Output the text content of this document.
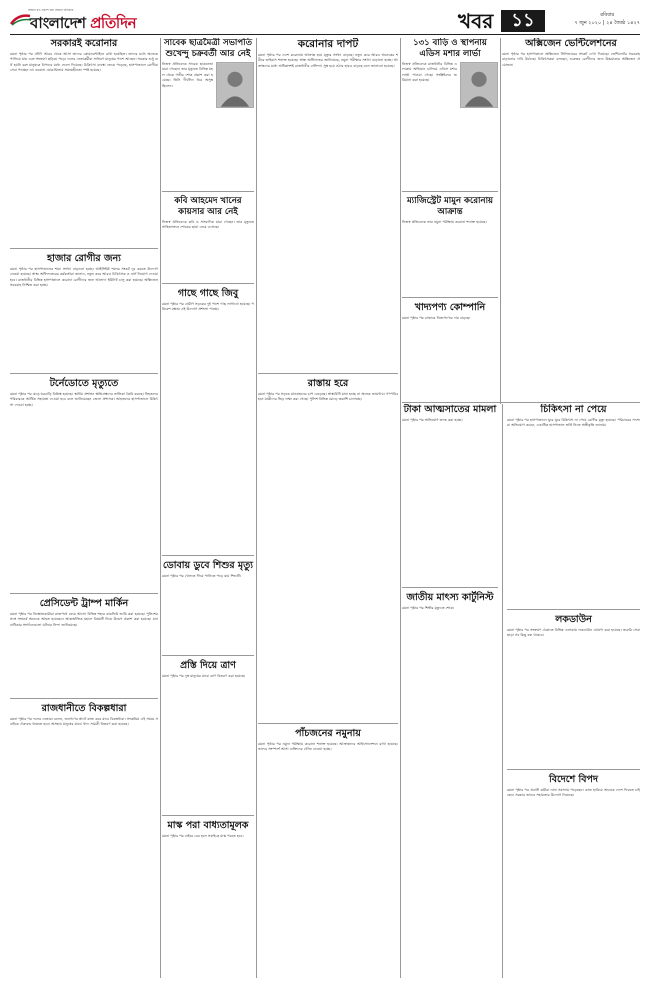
আমার মত প্রকাশ করা আমার অধিকার
বাংলাদেশ প্রতিদিন	খবর	১১	রবিবার
৭ জুন ২০২০ | ২৪ জ্যৈষ্ঠ ১৪২৭
সরকারই করোনার
রমনা পৃষ্ঠার পর সৌদি আরব থেকে আসা তাদের কোয়ারেন্টাইনে রাখা হয়েছিল। তাদের মধ্যে অনেকে পালিয়ে যায় এবং সংক্রমণ ছড়িয়ে পড়ে। দলের নেতাকর্মীরা সাধারণ মানুষের পাশে আছেন। সরকার শুধু ব্যর্থ হয়নি বরং মানুষকে বিপদের মধ্যে ফেলে দিয়েছে। চিকিৎসা ব্যবস্থা ভেঙে পড়েছে, হাসপাতালে রোগীরা সেবা পাচ্ছেন না। করোনা মোকাবিলায় সমন্বয়হীনতা স্পষ্ট হয়েছে।
হাজার রোগীর জন্য
রমনা পৃষ্ঠার পর হাসপাতালের শয্যা সংখ্যা বাড়ানো হচ্ছে। আইসিইউ শয্যার সংকট দূর করতে উদ্যোগ নেওয়া হয়েছে। স্বাস্থ্য অধিদফতরের কর্মকর্তারা জানান, নতুন করে আরও চিকিৎসক ও নার্স নিয়োগ দেওয়া হবে। রাজধানীর বিভিন্ন হাসপাতালে করোনা রোগীদের জন্য আলাদা ইউনিট চালু করা হয়েছে। অক্সিজেন সরবরাহ নিশ্চিত করা হচ্ছে।
টর্নেডোতে মৃত্যুতে
রমনা পৃষ্ঠার পর ঝড়ে ঘরবাড়ি বিধ্বস্ত হয়েছে। স্থানীয় প্রশাসন ক্ষতিগ্রস্তদের তালিকা তৈরি করছে। নিহতদের পরিবারকে আর্থিক সহায়তা দেওয়া হবে বলে জানিয়েছেন জেলা প্রশাসক। আহতদের হাসপাতালে চিকিৎসা দেওয়া হচ্ছে।
প্রেসিডেন্ট ট্রাম্প মার্কিন
রমনা পৃষ্ঠার পর বিক্ষোভকারীরা রাজপথে নেমে আসে। বিভিন্ন শহরে কারফিউ জারি করা হয়েছে। পুলিশের সঙ্গে সংঘর্ষে অনেকে আহত হয়েছেন। আন্তর্জাতিক মহলে বিষয়টি নিয়ে উদ্বেগ প্রকাশ করা হয়েছে। মানবাধিকার সংগঠনগুলো ঘটনার নিন্দা জানিয়েছে।
রাজধানীতে বিকল্পধারা
রমনা পৃষ্ঠার পর দলের নেতারা বলেন, জনগণের স্বার্থে কাজ করে যাবে বিকল্পধারা। সংকটময় এই সময়ে সবাইকে ঐক্যবদ্ধ থাকতে হবে। অসহায় মানুষের মাঝে খাদ্য সামগ্রী বিতরণ করা হয়েছে।
সাবেক ছাত্রমৈত্রী সভাপতি শুখেন্দু চক্রবর্তী আর নেই
নিজস্ব প্রতিবেদক সাবেক ছাত্রনেতা মারা গেছেন। তার মৃত্যুতে বিভিন্ন মহল থেকে গভীর শোক প্রকাশ করা হয়েছে। তিনি দীর্ঘদিন ধরে অসুস্থ ছিলেন।
কবি আহমেদ খানের কায়সার আর নেই
নিজস্ব প্রতিবেদক কবি ও সাংবাদিক মারা গেছেন। তার মৃত্যুতে সাহিত্যাঙ্গনে শোকের ছায়া নেমে এসেছে।
গাছে গাছে জিবু
রমনা পৃষ্ঠার পর গ্রামীণ সড়কের দুই পাশে গাছ লাগানো হয়েছে। পরিবেশ রক্ষায় এই উদ্যোগ প্রশংসা পাচ্ছে।
ডোবায় ডুবে শিশুর মৃত্যু
রমনা পৃষ্ঠার পর খেলতে গিয়ে পানিতে পড়ে যায় শিশুটি।
প্রস্তি দিয়ে ত্রাণ
রমনা পৃষ্ঠার পর দুস্থ মানুষের মাঝে ত্রাণ বিতরণ করা হয়েছে।
মাস্ক পরা বাধ্যতামূলক
রমনা পৃষ্ঠার পর বাইরে বের হলে সবাইকে মাস্ক পরতে হবে।
করোনার দাপট
রমনা পৃষ্ঠার পর দেশে করোনায় আক্রান্ত হয়ে মৃত্যুর সংখ্যা বাড়ছে। নতুন করে আরও অনেকের শরীরে ভাইরাস শনাক্ত হয়েছে। স্বাস্থ্য অধিদফতর জানিয়েছে, নমুনা পরীক্ষার সংখ্যা বাড়ানো হচ্ছে। আক্রান্তদের মধ্যে অধিকাংশই রাজধানীর বাসিন্দা। সুস্থ হয়ে ওঠার হারও বাড়ছে বলে জানানো হয়েছে।
রাস্তায় হরে
রমনা পৃষ্ঠার পর সড়কে যানবাহনের চাপ বেড়েছে। স্বাস্থ্যবিধি মানা হচ্ছে না অনেক জায়গায়। গণপরিবহনে যাত্রীদের ভিড় লক্ষ্য করা গেছে। পুলিশ বিভিন্ন মোড়ে তল্লাশি চালাচ্ছে।
পাঁচজনের নমুনায়
রমনা পৃষ্ঠার পর নমুনা পরীক্ষায় করোনা শনাক্ত হয়েছে। আক্রান্তদের আইসোলেশনে রাখা হয়েছে। তাদের সংস্পর্শে আসা ব্যক্তিদের খোঁজ নেওয়া হচ্ছে।
১৩১ বাড়ি ও স্থাপনায় এডিস মশার লার্ভা
নিজস্ব প্রতিবেদক রাজধানীর বিভিন্ন এলাকায় অভিযান চালিয়ে এডিস মশার লার্ভা পাওয়া গেছে। সংশ্লিষ্টদের জরিমানা করা হয়েছে।
ম্যাজিস্ট্রেট মামুন করোনায় আক্রান্ত
নিজস্ব প্রতিবেদক তার নমুনা পরীক্ষায় করোনা শনাক্ত হয়েছে।
খাদ্যপণ্য কোম্পানি
রমনা পৃষ্ঠার পর বাজারে নিত্যপণ্যের দাম বাড়ছে।
অক্সিজেন ভেন্টিলেশনের
রমনা পৃষ্ঠার পর হাসপাতালে অক্সিজেন সিলিন্ডারের সংকট দেখা দিয়েছে। ভেন্টিলেটর সরবরাহ বাড়ানোর দাবি উঠেছে। চিকিৎসকরা বলছেন, গুরুতর রোগীদের জন্য উচ্চমাত্রার অক্সিজেন প্রয়োজন।
টাকা আত্মসাতের মামলা
রমনা পৃষ্ঠার পর অভিযোগ তদন্ত করা হচ্ছে।
জাতীয় মাৎস্য কার্টুনিস্ট
রমনা পৃষ্ঠার পর শিল্পীর মৃত্যুতে শোক।
চিকিৎসা না পেয়ে
রমনা পৃষ্ঠার পর হাসপাতালে ঘুরে ঘুরে চিকিৎসা না পেয়ে রোগীর মৃত্যু হয়েছে। পরিবারের সদস্যরা অভিযোগ করেন, একাধিক হাসপাতাল ভর্তি নিতে অস্বীকৃতি জানায়।
লকডাউন
রমনা পৃষ্ঠার পর সংক্রমণ ঠেকাতে বিভিন্ন এলাকায় লকডাউন ঘোষণা করা হয়েছে। জরুরি সেবা ছাড়া সব কিছু বন্ধ থাকবে।
বিদেশে বিপদ
রমনা পৃষ্ঠার পর প্রবাসী কর্মীরা নানা সমস্যায় পড়েছেন। কাজ হারিয়ে অনেকে দেশে ফিরতে চাইছেন। সরকার তাদের সহায়তার উদ্যোগ নিয়েছে।
